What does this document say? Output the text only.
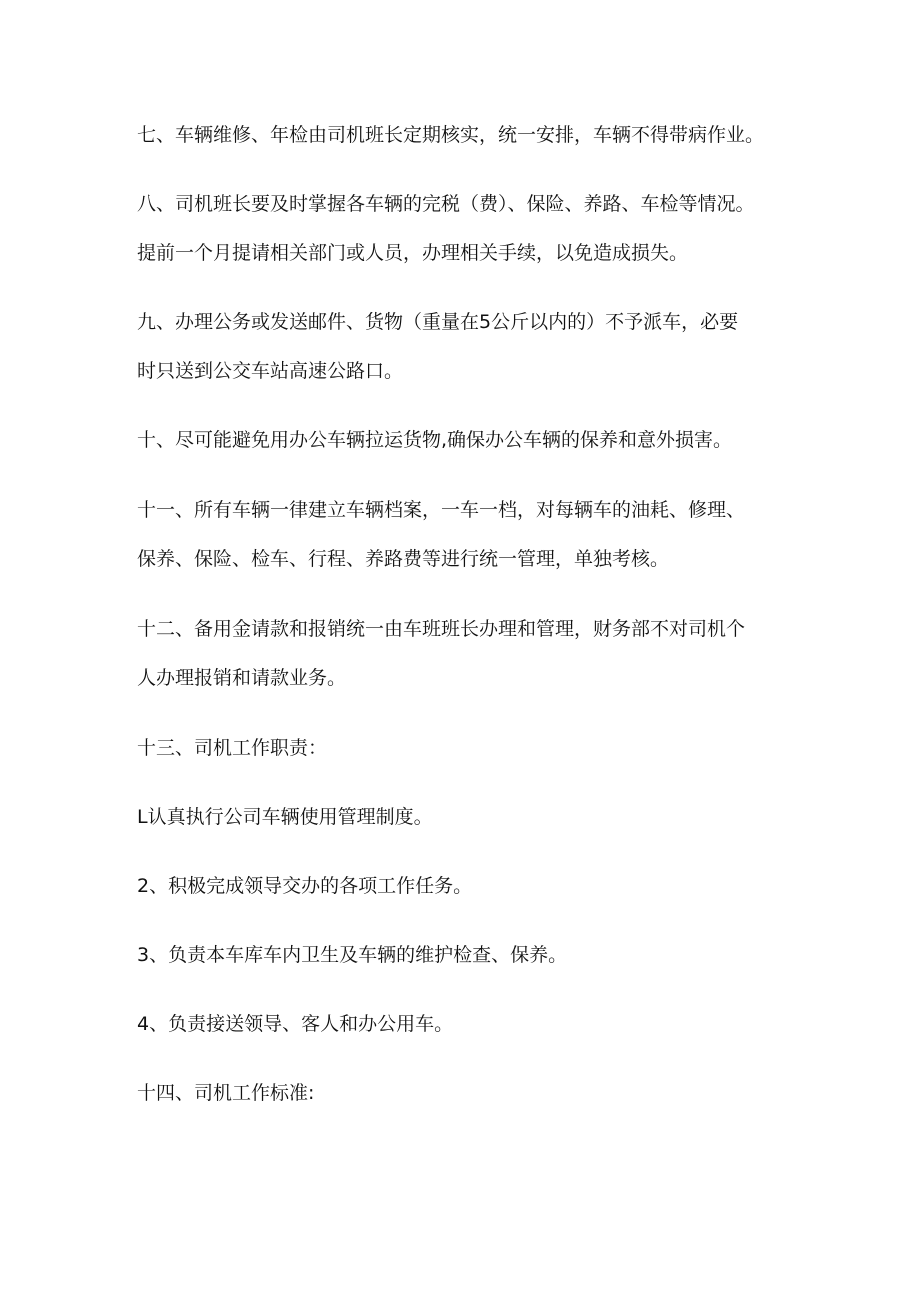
七、车辆维修、年检由司机班长定期核实，统一安排，车辆不得带病作业。
八、司机班长要及时掌握各车辆的完税（费）、保险、养路、车检等情况。
提前一个月提请相关部门或人员，办理相关手续，以免造成损失。
九、办理公务或发送邮件、货物（重量在5公斤以内的）不予派车，必要
时只送到公交车站高速公路口。
十、尽可能避免用办公车辆拉运货物,确保办公车辆的保养和意外损害。
十一、所有车辆一律建立车辆档案，一车一档，对每辆车的油耗、修理、
保养、保险、检车、行程、养路费等进行统一管理，单独考核。
十二、备用金请款和报销统一由车班班长办理和管理，财务部不对司机个
人办理报销和请款业务。
十三、司机工作职责：
L认真执行公司车辆使用管理制度。
2、积极完成领导交办的各项工作任务。
3、负责本车库车内卫生及车辆的维护检查、保养。
4、负责接送领导、客人和办公用车。
十四、司机工作标准:
